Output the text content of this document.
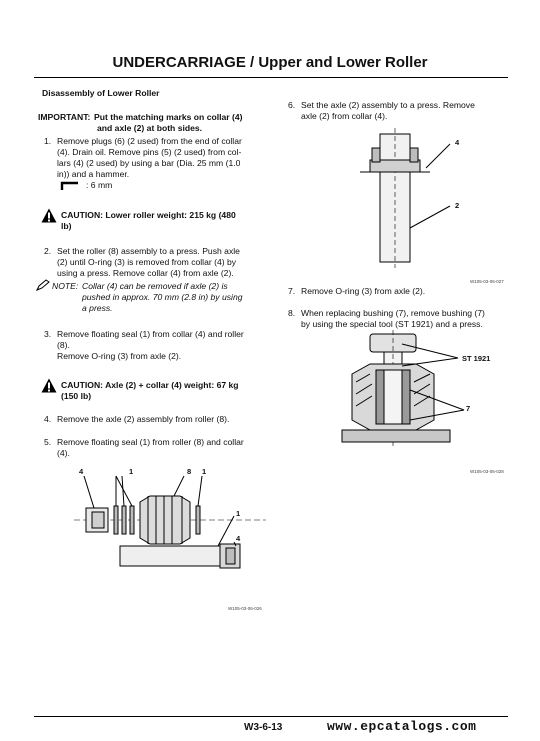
UNDERCARRIAGE / Upper and Lower Roller
Disassembly of Lower Roller
IMPORTANT: Put the matching marks on collar (4)
and axle (2) at both sides.
1. Remove plugs (6) (2 used) from the end of collar
(4). Drain oil. Remove pins (5) (2 used) from col-
lars (4) (2 used) by using a bar (Dia. 25 mm (1.0
in)) and a hammer.
: 6 mm
CAUTION: Lower roller weight: 215 kg (480
lb)
2. Set the roller (8) assembly to a press. Push axle
(2) until O-ring (3) is removed from collar (4) by
using a press. Remove collar (4) from axle (2).
NOTE: Collar (4) can be removed if axle (2) is
pushed in approx. 70 mm (2.8 in) by using
a press.
3. Remove floating seal (1) from collar (4) and roller
(8).
Remove O-ring (3) from axle (2).
CAUTION: Axle (2) + collar (4) weight: 67 kg
(150 lb)
4. Remove the axle (2) assembly from roller (8).
5. Remove floating seal (1) from roller (8) and collar
(4).
4	1	8 1
1
4
W105-03-06-026
6. Set the axle (2) assembly to a press. Remove
axle (2) from collar (4).
4
2
W105-03-06-027
7. Remove O-ring (3) from axle (2).
8. When replacing bushing (7), remove bushing (7)
by using the special tool (ST 1921) and a press.
ST 1921
7
W105-03-06-028
W3-6-13	www.epcatalogs.com
